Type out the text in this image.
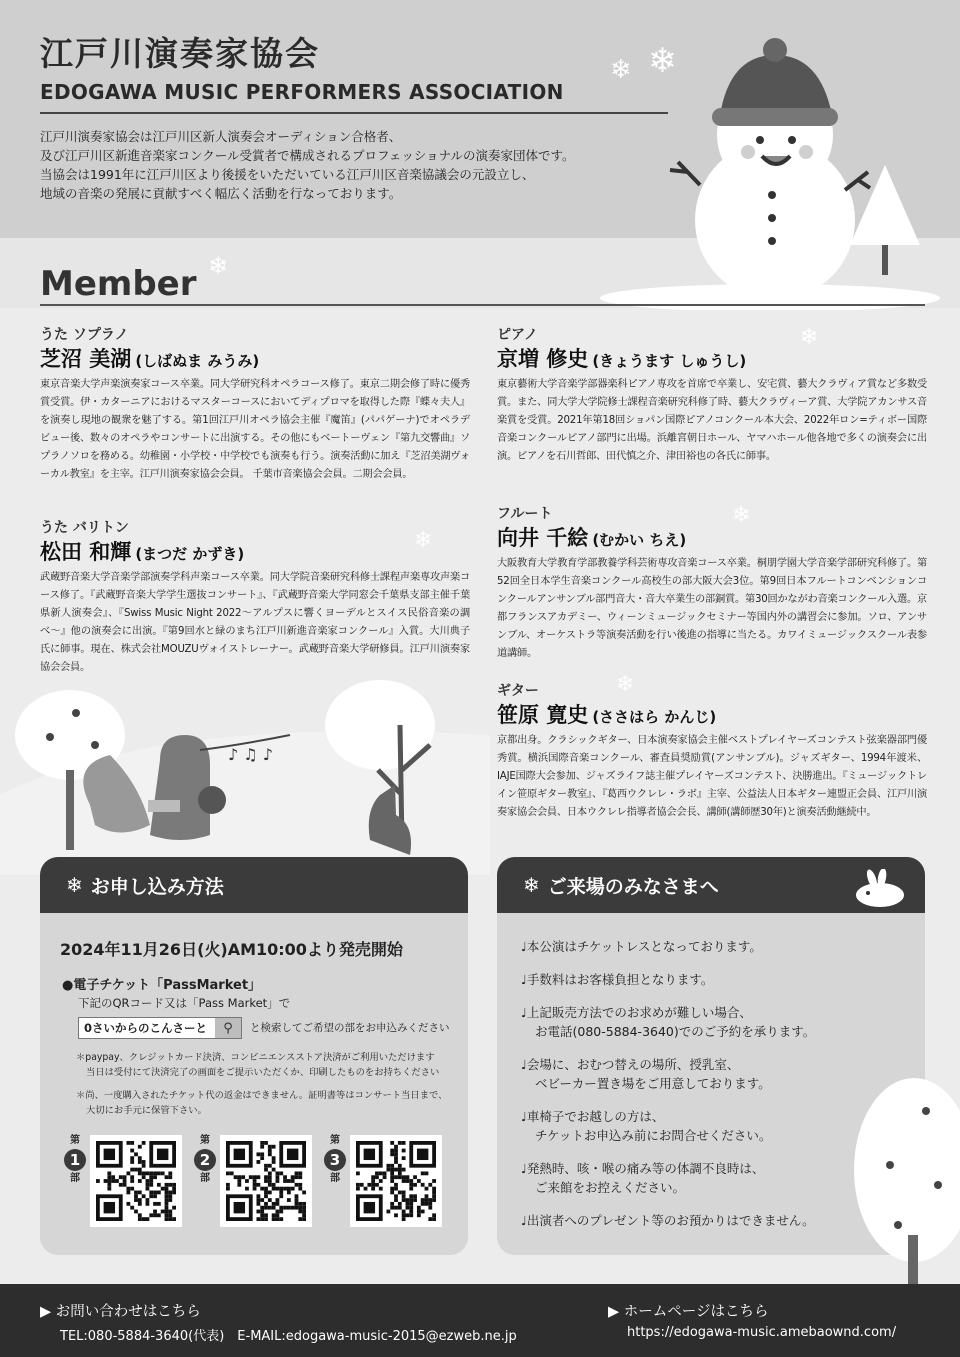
江戸川演奏家協会
EDOGAWA MUSIC PERFORMERS ASSOCIATION
江戸川演奏家協会は江戸川区新人演奏会オーディション合格者、
及び江戸川区新進音楽家コンクール受賞者で構成されるプロフェッショナルの演奏家団体です。
当協会は1991年に江戸川区より後援をいただいている江戸川区音楽協議会の元設立し、
地域の音楽の発展に貢献すべく幅広く活動を行なっております。
❄ ❄
Member ❄
❄
❄
❄
❄
うた ソプラノ
芝沼 美湖 (しばぬま みうみ)
東京音楽大学声楽演奏家コース卒業。同大学研究科オペラコース修了。東京二期会修了時に優秀賞受賞。伊・カターニアにおけるマスターコースにおいてディプロマを取得した際『蝶々夫人』を演奏し現地の観衆を魅了する。第1回江戸川オペラ協会主催『魔笛』(パパゲーナ)でオペラデビュー後、数々のオペラやコンサートに出演する。その他にもベートーヴェン『第九交響曲』ソプラノソロを務める。幼稚園・小学校・中学校でも演奏も行う。演奏活動に加え『芝沼美湖ヴォーカル教室』を主宰。江戸川演奏家協会会員。 千葉市音楽協会会員。二期会会員。
うた バリトン
松田 和輝 (まつだ かずき)
武蔵野音楽大学音楽学部演奏学科声楽コース卒業。同大学院音楽研究科修士課程声楽専攻声楽コース修了。『武蔵野音楽大学学生選抜コンサート』、『武蔵野音楽大学同窓会千葉県支部主催千葉県新人演奏会』、『Swiss Music Night 2022〜アルプスに響くヨーデルとスイス民俗音楽の調べ〜』他の演奏会に出演。『第9回水と緑のまち江戸川新進音楽家コンクール』入賞。大川典子氏に師事。現在、株式会社MOUZUヴォイストレーナー。武蔵野音楽大学研修員。江戸川演奏家協会会員。
ピアノ
京増 修史 (きょうます しゅうし)
東京藝術大学音楽学部器楽科ピアノ専攻を首席で卒業し、安宅賞、藝大クラヴィア賞など多数受賞。また、同大学大学院修士課程音楽研究科修了時、藝大クラヴィーア賞、大学院アカンサス音楽賞を受賞。2021年第18回ショパン国際ピアノコンクール本大会、2022年ロン=ティボー国際音楽コンクールピアノ部門に出場。浜離宮朝日ホール、ヤマハホール他各地で多くの演奏会に出演。ピアノを石川哲郎、田代慎之介、津田裕也の各氏に師事。
フルート
向井 千絵 (むかい ちえ)
大阪教育大学教育学部教養学科芸術専攻音楽コース卒業。桐朋学園大学音楽学部研究科修了。第52回全日本学生音楽コンクール高校生の部大阪大会3位。第9回日本フルートコンベンションコンクールアンサンブル部門音大・音大卒業生の部銅賞。第30回かながわ音楽コンクール入選。京都フランスアカデミー、ウィーンミュージックセミナー等国内外の講習会に参加。ソロ、アンサンブル、オーケストラ等演奏活動を行い後進の指導に当たる。カワイミュージックスクール表参道講師。
ギター
笹原 寛史 (ささはら かんじ)
京都出身。クラシックギター、日本演奏家協会主催ベストプレイヤーズコンテスト弦楽器部門優秀賞。横浜国際音楽コンクール、審査員奨励賞(アンサンブル)。ジャズギター、1994年渡米、IAJE国際大会参加、ジャズライフ誌主催プレイヤーズコンテスト、決勝進出。『ミュージックトレイン笹原ギター教室』、『葛西ウクレレ・ラボ』主宰、公益法人日本ギター連盟正会員、江戸川演奏家協会会員、日本ウクレレ指導者協会会長、講師(講師歴30年)と演奏活動継続中。
♪ ♫ ♪
❄ お申し込み方法
2024年11月26日(火)AM10:00より発売開始
●電子チケット「PassMarket」
下記のQRコード又は「Pass Market」で
0さいからのこんさーと	⚲	と検索してご希望の部をお申込みください
＊paypay、クレジットカード決済、コンビニエンスストア決済がご利用いただけます
当日は受付にて決済完了の画面をご提示いただくか、印刷したものをお持ちください
＊尚、一度購入されたチケット代の返金はできません。証明書等はコンサート当日まで、
大切にお手元に保管下さい。
第
1
部
第
2
部
第
3
部
❄ ご来場のみなさまへ
♩本公演はチケットレスとなっております。
♩手数料はお客様負担となります。
♩上記販売方法でのお求めが難しい場合、
お電話(080-5884-3640)でのご予約を承ります。
♩会場に、おむつ替えの場所、授乳室、
ベビーカー置き場をご用意しております。
♩車椅子でお越しの方は、
チケットお申込み前にお問合せください。
♩発熱時、咳・喉の痛み等の体調不良時は、
ご来館をお控えください。
♩出演者へのプレゼント等のお預かりはできません。
▶ お問い合わせはこちら
TEL:080-5884-3640(代表)　E-MAIL:edogawa-music-2015@ezweb.ne.jp
▶ ホームページはこちら
https://edogawa-music.amebaownd.com/
